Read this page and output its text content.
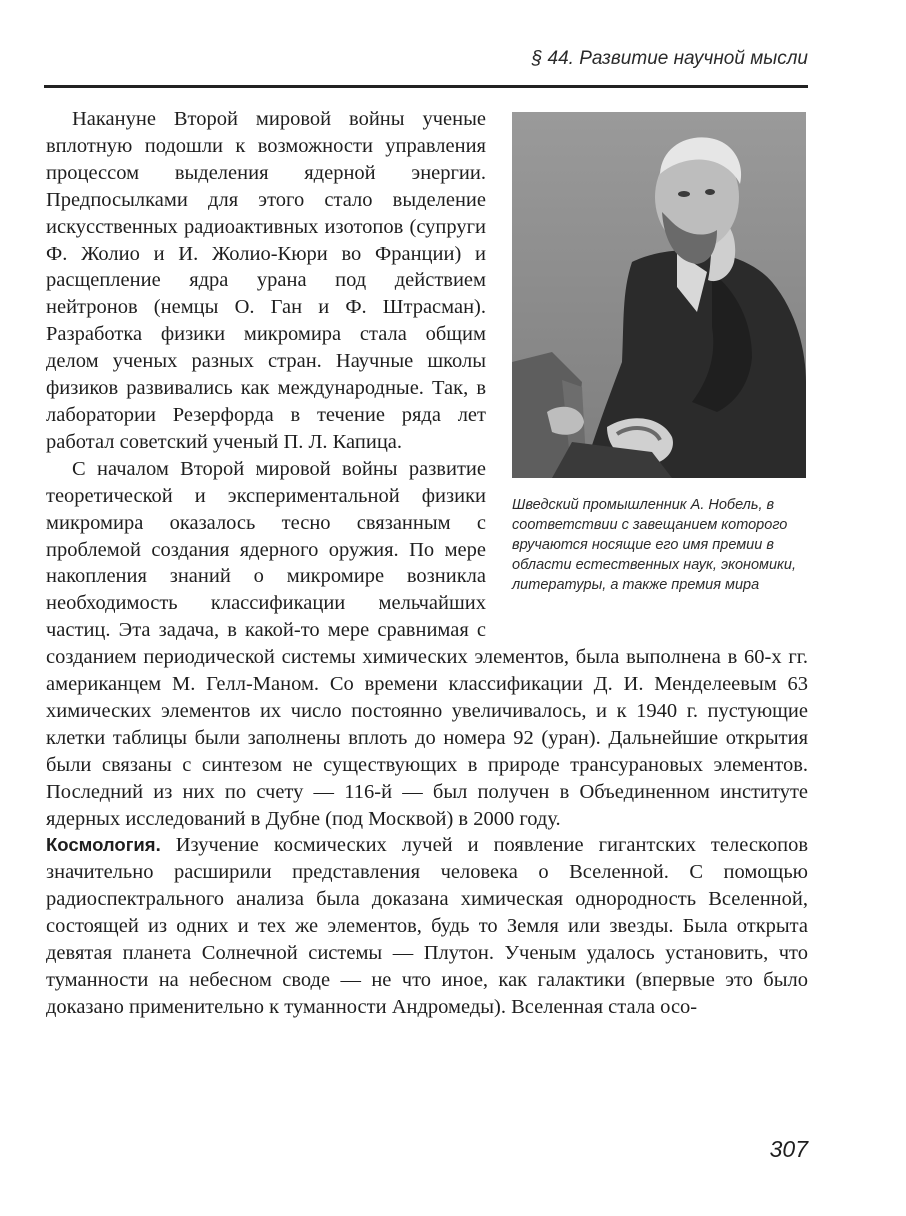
§ 44. Развитие научной мысли
Шведский промышленник А. Нобель, в соответствии с завещанием которого вручаются носящие его имя премии в области естественных наук, экономики, литературы, а также премия мира

Накануне Второй мировой войны ученые вплотную подошли к возможности управления процессом выделения ядерной энергии. Предпосылками для этого стало выделение искусственных радиоактивных изотопов (супруги Ф. Жолио и И. Жолио-Кюри во Франции) и расщепление ядра урана под действием нейтронов (немцы О. Ган и Ф. Штрасман). Разработка физики микромира стала общим делом ученых разных стран. Научные школы физиков развивались как международные. Так, в лаборатории Резерфорда в течение ряда лет работал советский ученый П. Л. Капица.

С началом Второй мировой войны развитие теоретической и экспериментальной физики микромира оказалось тесно связанным с проблемой создания ядерного оружия. По мере накопления знаний о микромире возникла необходимость классификации мельчайших частиц. Эта задача, в какой-то мере сравнимая с созданием периодической системы химических элементов, была выполнена в 60-х гг. американцем М. Гелл-Маном. Со времени классификации Д. И. Менделеевым 63 химических элементов их число постоянно увеличивалось, и к 1940 г. пустующие клетки таблицы были заполнены вплоть до номера 92 (уран). Дальнейшие открытия были связаны с синтезом не существующих в природе трансурановых элементов. Последний из них по счету — 116-й — был получен в Объединенном институте ядерных исследований в Дубне (под Москвой) в 2000 году.

Космология. Изучение космических лучей и появление гигантских телескопов значительно расширили представления человека о Вселенной. С помощью радиоспектрального анализа была доказана химическая однородность Вселенной, состоящей из одних и тех же элементов, будь то Земля или звезды. Была открыта девятая планета Солнечной системы — Плутон. Ученым удалось установить, что туманности на небесном своде — не что иное, как галактики (впервые это было доказано применительно к туманности Андромеды). Вселенная стала осо-

307
